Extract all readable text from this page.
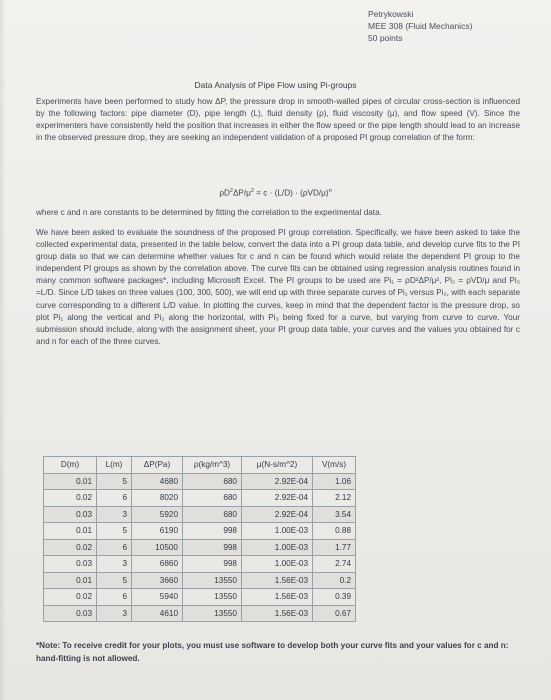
Petrykowski
MEE 308 (Fluid Mechanics)
50 points
Data Analysis of Pipe Flow using Pi-groups
Experiments have been performed to study how ΔP, the pressure drop in smooth-walled pipes of circular cross-section is influenced by the following factors: pipe diameter (D), pipe length (L), fluid density (ρ), fluid viscosity (μ), and flow speed (V). Since the experimenters have consistently held the position that increases in either the flow speed or the pipe length should lead to an increase in the observed pressure drop, they are seeking an independent validation of a proposed PI group correlation of the form:
$\rho D^2\Delta P/\mu^2 = c \cdot (L/D) \cdot (\rho VD/\mu)^n$
where c and n are constants to be determined by fitting the correlation to the experimental data.
We have been asked to evaluate the soundness of the proposed PI group correlation. Specifically, we have been asked to take the collected experimental data, presented in the table below, convert the data into a PI group data table, and develop curve fits to the PI group data so that we can determine whether values for c and n can be found which would relate the dependent PI group to the independent PI groups as shown by the correlation above. The curve fits can be obtained using regression analysis routines found in many common software packages*, including Microsoft Excel. The PI groups to be used are Pi₁ = ρD²ΔP/μ², Pi₂ = ρVD/μ and Pi₃ =L/D. Since L/D takes on three values (100, 300, 500), we will end up with three separate curves of Pi₁ versus Pi₂, with each separate curve corresponding to a different L/D value. In plotting the curves, keep in mind that the dependent factor is the pressure drop, so plot Pi₁ along the vertical and Pi₂ along the horizontal, with Pi₃ being fixed for a curve, but varying from curve to curve. Your submission should include, along with the assignment sheet, your PI group data table, your curves and the values you obtained for c and n for each of the three curves.
D(m)	L(m)	ΔP(Pa)	ρ(kg/m^3)	μ(N-s/m^2)	V(m/s)
0.01	5	4680	680	2.92E-04	1.06
0.02	6	8020	680	2.92E-04	2.12
0.03	3	5920	680	2.92E-04	3.54
0.01	5	6190	998	1.00E-03	0.88
0.02	6	10500	998	1.00E-03	1.77
0.03	3	6860	998	1.00E-03	2.74
0.01	5	3660	13550	1.56E-03	0.2
0.02	6	5940	13550	1.56E-03	0.39
0.03	3	4610	13550	1.56E-03	0.67
*Note: To receive credit for your plots, you must use software to develop both your curve fits and your values for c and n: hand-fitting is not allowed.
